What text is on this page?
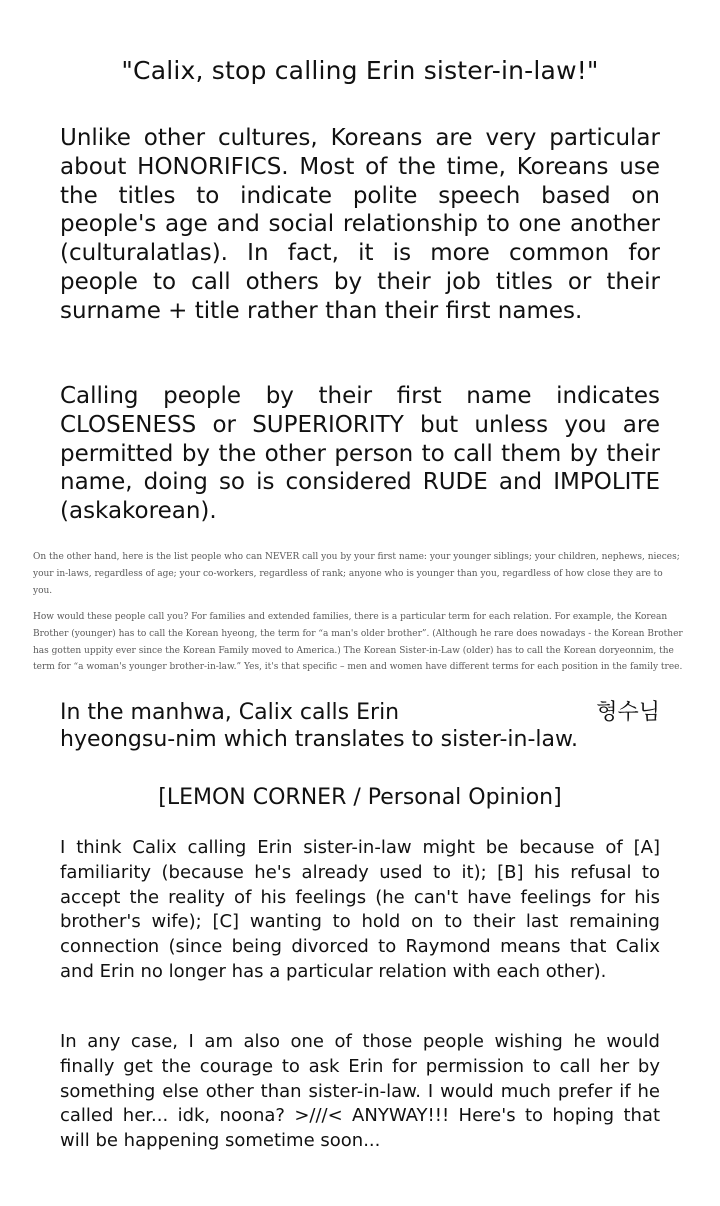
"Calix, stop calling Erin sister-in-law!"
Unlike other cultures, Koreans are very particular about HONORIFICS. Most of the time, Koreans use the titles to indicate polite speech based on people's age and social relationship to one another (culturalatlas). In fact, it is more common for people to call others by their job titles or their surname + title rather than their first names.
Calling people by their first name indicates CLOSENESS or SUPERIORITY but unless you are permitted by the other person to call them by their name, doing so is considered RUDE and IMPOLITE (askakorean).
On the other hand, here is the list people who can NEVER call you by your first name: your younger siblings; your children, nephews, nieces; your in-laws, regardless of age; your co-workers, regardless of rank; anyone who is younger than you, regardless of how close they are to you.
How would these people call you? For families and extended families, there is a particular term for each relation. For example, the Korean Brother (younger) has to call the Korean hyeong, the term for “a man's older brother”. (Although he rare does nowadays - the Korean Brother has gotten uppity ever since the Korean Family moved to America.) The Korean Sister-in-Law (older) has to call the Korean doryeonnim, the term for “a woman's younger brother-in-law.” Yes, it's that specific – men and women have different terms for each position in the family tree.
In the manhwa, Calix calls Erin	형수님
hyeongsu-nim which translates to sister-in-law.
[LEMON CORNER / Personal Opinion]
I think Calix calling Erin sister-in-law might be because of [A] familiarity (because he's already used to it); [B] his refusal to accept the reality of his feelings (he can't have feelings for his brother's wife); [C] wanting to hold on to their last remaining connection (since being divorced to Raymond means that Calix and Erin no longer has a particular relation with each other).
In any case, I am also one of those people wishing he would finally get the courage to ask Erin for permission to call her by something else other than sister-in-law. I would much prefer if he called her... idk, noona? >///< ANYWAY!!! Here's to hoping that will be happening sometime soon...
